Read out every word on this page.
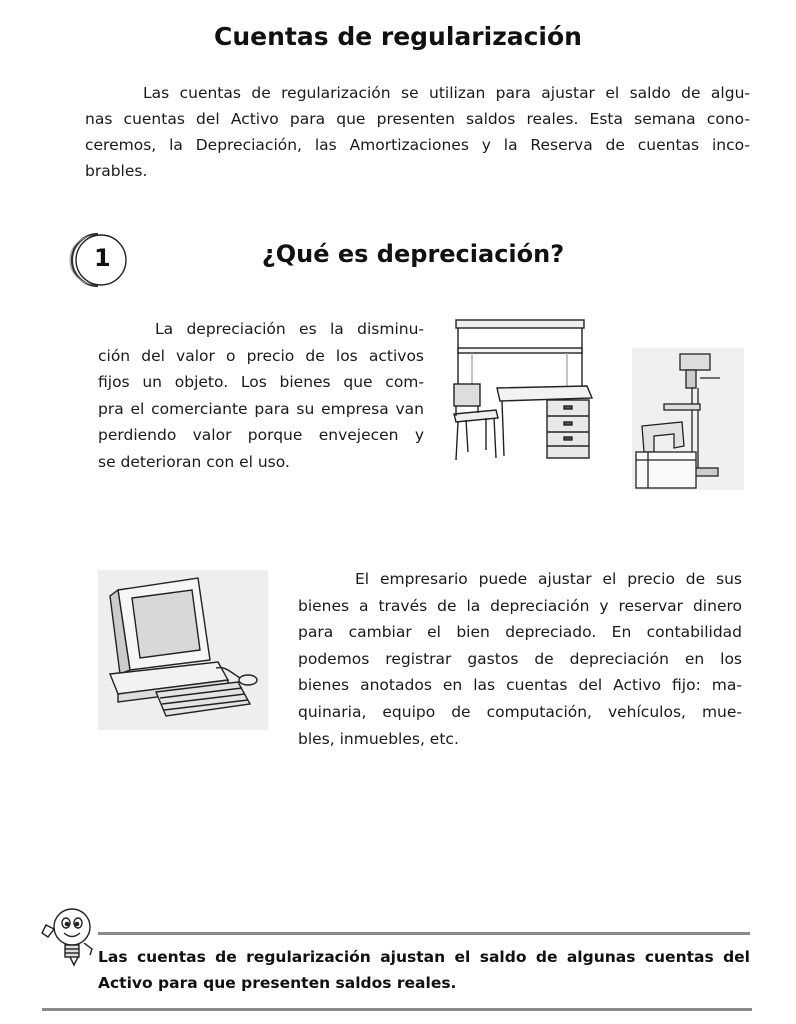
Cuentas de regularización
Las cuentas de regularización se utilizan para ajustar el saldo de algu-
nas cuentas del Activo para que presenten saldos reales. Esta semana cono-
ceremos, la Depreciación, las Amortizaciones y la Reserva de cuentas inco-
brables.
1	¿Qué es depreciación?
La depreciación es la disminu-
ción del valor o precio de los activos
fijos un objeto. Los bienes que com-
pra el comerciante para su empresa van
perdiendo valor porque envejecen y
se deterioran con el uso.
El empresario puede ajustar el precio de sus
bienes a través de la depreciación y reservar dinero
para cambiar el bien depreciado. En contabilidad
podemos registrar gastos de depreciación en los
bienes anotados en las cuentas del Activo fijo: ma-
quinaria, equipo de computación, vehículos, mue-
bles, inmuebles, etc.
Las cuentas de regularización ajustan el saldo de algunas cuentas del
Activo para que presenten saldos reales.
